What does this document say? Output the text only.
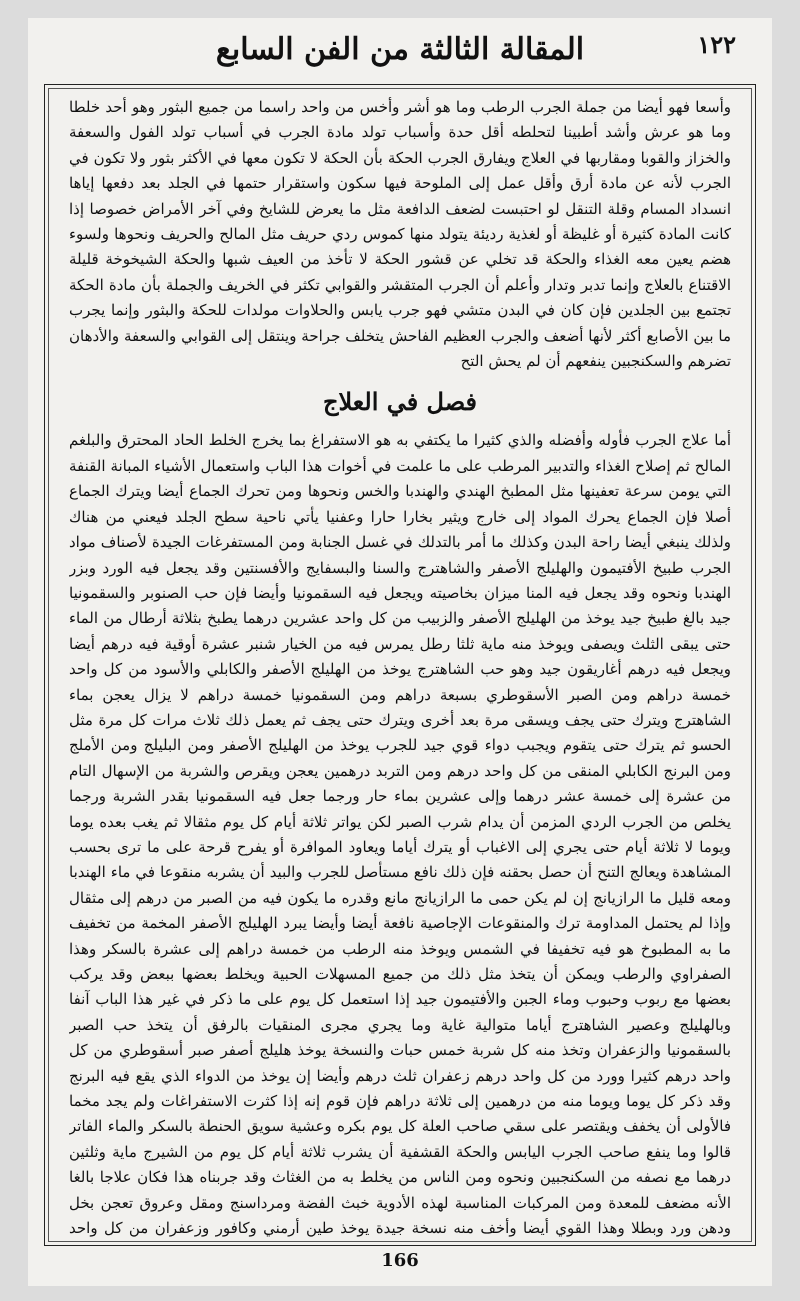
المقالة الثالثة من الفن السابع	١٢٢

وأسعا فهو أيضا من جملة الجرب الرطب وما هو أشر وأخس من واحد راسما من جميع البثور وهو أحد خلطا وما هو عرش وأشد أطبينا لتحلطه أقل حدة وأسباب تولد مادة الجرب في أسباب تولد الفول والسعفة والخزاز والقوبا ومقاربها في العلاج ويفارق الجرب الحكة بأن الحكة لا تكون معها في الأكثر بثور ولا تكون في الجرب لأنه عن مادة أرق وأقل عمل إلى الملوحة فيها سكون واستقرار حتمها في الجلد بعد دفعها إياها انسداد المسام وقلة التنقل لو احتبست لضعف الدافعة مثل ما يعرض للشايخ وفي آخر الأمراض خصوصا إذا كانت المادة كثيرة أو غليظة أو لغذية رديئة يتولد منها كموس ردي حريف مثل المالح والحريف ونحوها ولسوء هضم يعين معه الغذاء والحكة قد تخلي عن قشور الحكة لا تأخذ من العيف شبها والحكة الشيخوخة قليلة الاقتناع بالعلاج وإنما تدبر وتدار وأعلم أن الجرب المتقشر والقوابي تكثر في الخريف والجملة بأن مادة الحكة تجتمع بين الجلدين فإن كان في البدن متشي فهو جرب يابس والحلاوات مولدات للحكة والبثور وإنما يجرب ما بين الأصابع أكثر لأنها أضعف والجرب العظيم الفاحش يتخلف جراحة وينتقل إلى القوابي والسعفة والأدهان تضرهم والسكنجبين ينفعهم أن لم يحش التح

فصل في العلاج

أما علاج الجرب فأوله وأفضله والذي كثيرا ما يكتفي به هو الاستفراغ بما يخرج الخلط الحاد المحترق والبلغم المالح ثم إصلاح الغذاء والتدبير المرطب على ما علمت في أخوات هذا الباب واستعمال الأشياء المبانة القنفة التي يومن سرعة تعفينها مثل المطبخ الهندي والهندبا والخس ونحوها ومن تحرك الجماع أيضا ويترك الجماع أصلا فإن الجماع يحرك المواد إلى خارج ويثير بخارا حارا وعفنيا يأتي ناحية سطح الجلد فيعني من هناك ولذلك ينبغي أيضا راحة البدن وكذلك ما أمر بالتدلك في غسل الجنابة ومن المستفرغات الجيدة لأصناف مواد الجرب طبيخ الأفتيمون والهليلج الأصفر والشاهترج والسنا والبسفايج والأفسنتين وقد يجعل فيه الورد وبزر الهندبا ونحوه وقد يجعل فيه المنا ميزان بخاصيته ويجعل فيه السقمونيا وأيضا فإن حب الصنوبر والسقمونيا جيد بالغ طبيخ جيد يوخذ من الهليلج الأصفر والزبيب من كل واحد عشرين درهما يطبخ بثلاثة أرطال من الماء حتى يبقى الثلث ويصفى ويوخذ منه ماية ثلثا رطل يمرس فيه من الخيار شنبر عشرة أوقية فيه درهم أيضا ويجعل فيه درهم أغاريقون جيد وهو حب الشاهترج يوخذ من الهليلج الأصفر والكابلي والأسود من كل واحد خمسة دراهم ومن الصبر الأسقوطري بسبعة دراهم ومن السقمونيا خمسة دراهم لا يزال يعجن بماء الشاهترج ويترك حتى يجف ويسقى مرة بعد أخرى ويترك حتى يجف ثم يعمل ذلك ثلاث مرات كل مرة مثل الحسو ثم يترك حتى يتقوم ويجبب دواء قوي جيد للجرب يوخذ من الهليلج الأصفر ومن البليلج ومن الأملج ومن البرنج الكابلي المنقى من كل واحد درهم ومن التربد درهمين يعجن ويقرص والشربة من الإسهال التام من عشرة إلى خمسة عشر درهما وإلى عشرين بماء حار ورجما جعل فيه السقمونيا بقدر الشربة ورجما يخلص من الجرب الردي المزمن أن يدام شرب الصبر لكن يواتر ثلاثة أيام كل يوم مثقالا ثم يغب بعده يوما ويوما لا ثلاثة أيام حتى يجري إلى الاغباب أو يترك أياما ويعاود الموافرة أو يفرح قرحة على ما ترى بحسب المشاهدة ويعالج التنح أن حصل بحقنه فإن ذلك نافع مستأصل للجرب والبيد أن يشربه منقوعا في ماء الهندبا ومعه قليل ما الرازيانج إن لم يكن حمى ما الرازيانج مانع وقدره ما يكون فيه من الصبر من درهم إلى مثقال وإذا لم يحتمل المداومة ترك والمنقوعات الإجاصية نافعة أيضا وأيضا يبرد الهليلج الأصفر المخمة من تخفيف ما به المطبوخ هو فيه تخفيفا في الشمس ويوخذ منه الرطب من خمسة دراهم إلى عشرة بالسكر وهذا الصفراوي والرطب ويمكن أن يتخذ مثل ذلك من جميع المسهلات الحبية ويخلط بعضها ببعض وقد يركب بعضها مع ربوب وحبوب وماء الجبن والأفتيمون جيد إذا استعمل كل يوم على ما ذكر في غير هذا الباب آنفا وبالهليلج وعصير الشاهترج أياما متوالية غاية وما يجري مجرى المنقيات بالرفق أن يتخذ حب الصبر بالسقمونيا والزعفران وتخذ منه كل شربة خمس حبات والنسخة يوخذ هليلج أصفر صبر أسقوطري من كل واحد درهم كثيرا وورد من كل واحد درهم زعفران ثلث درهم وأيضا إن يوخذ من الدواء الذي يقع فيه البرنج وقد ذكر كل يوما ويوما منه من درهمين إلى ثلاثة دراهم فإن قوم إنه إذا كثرت الاستفراغات ولم يجد مخما فالأولى أن يخفف ويقتصر على سقي صاحب العلة كل يوم بكره وعشية سويق الحنطة بالسكر والماء الفاتر قالوا وما ينفع صاحب الجرب اليابس والحكة القشفية أن يشرب ثلاثة أيام كل يوم من الشيرج ماية وثلثين درهما مع نصفه من السكنجبين ونحوه ومن الناس من يخلط به من الغثاث وقد جربناه هذا فكان علاجا بالغا الأنه مضعف للمعدة ومن المركبات المناسبة لهذه الأدوية خبث الفضة ومرداسنج ومقل وعروق تعجن بخل ودهن ورد وبطلا وهذا القوي أيضا وأخف منه نسخة جيدة يوخذ طين أرمني وكافور وزعفران من كل واحد

166
